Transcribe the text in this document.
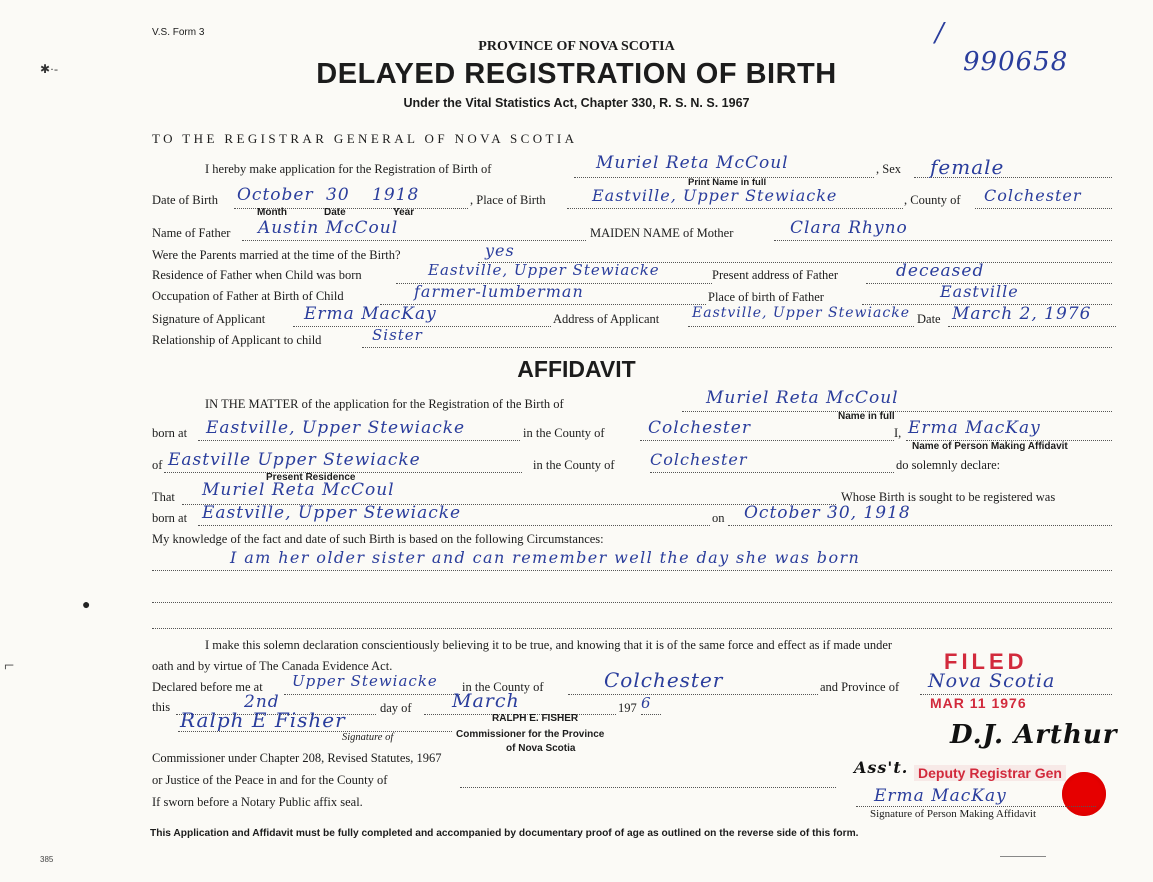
V.S. Form 3
PROVINCE OF NOVA SCOTIA
DELAYED REGISTRATION OF BIRTH
Under the Vital Statistics Act, Chapter 330, R. S. N. S. 1967
/
990658
✱·‑
●
⌐
TO THE REGISTRAR GENERAL OF NOVA SCOTIA
I hereby make application for the Registration of Birth of	Muriel Reta McCoul
Print Name in full
, Sex female
Date of Birth October 30 1918
Month	Date	Year
, Place of Birth	Eastville, Upper Stewiacke	, County of Colchester
Name of Father Austin McCoul	MAIDEN NAME of Mother	Clara Rhyno
Were the Parents married at the time of the Birth?	yes
Residence of Father when Child was born	Eastville, Upper Stewiacke	Present address of Father	deceased
Occupation of Father at Birth of Child	farmer-lumberman	Place of birth of Father	Eastville
Signature of Applicant Erma MacKay	Address of Applicant Eastville, Upper Stewiacke Date March 2, 1976
Relationship of Applicant to child	Sister
AFFIDAVIT
IN THE MATTER of the application for the Registration of the Birth of	Muriel Reta McCoul
Name in full
born at Eastville, Upper Stewiacke	in the County of	Colchester	I, Erma MacKay
Name of Person Making Affidavit
of Eastville Upper Stewiacke
Present Residence
in the County of Colchester	do solemnly declare:
That Muriel Reta McCoul	Whose Birth is sought to be registered was
born at Eastville, Upper Stewiacke	on October 30, 1918
My knowledge of the fact and date of such Birth is based on the following Circumstances:
I am her older sister and can remember well the day she was born
I make this solemn declaration conscientiously believing it to be true, and knowing that it is of the same force and effect as if made under
oath and by virtue of The Canada Evidence Act.
Declared before me at Upper Stewiacke in the County of	Colchester	and Province of Nova Scotia
this	2nd	day of March	197 6
Ralph E Fisher
Signature of
RALPH E. FISHER
Commissioner for the Province
of Nova Scotia
Commissioner under Chapter 208, Revised Statutes, 1967
or Justice of the Peace in and for the County of
If sworn before a Notary Public affix seal.
FILED
MAR 11 1976
D.J. Arthur
Ass't. Deputy Registrar Gen
Erma MacKay
Signature of Person Making Affidavit
This Application and Affidavit must be fully completed and accompanied by documentary proof of age as outlined on the reverse side of this form.
385
